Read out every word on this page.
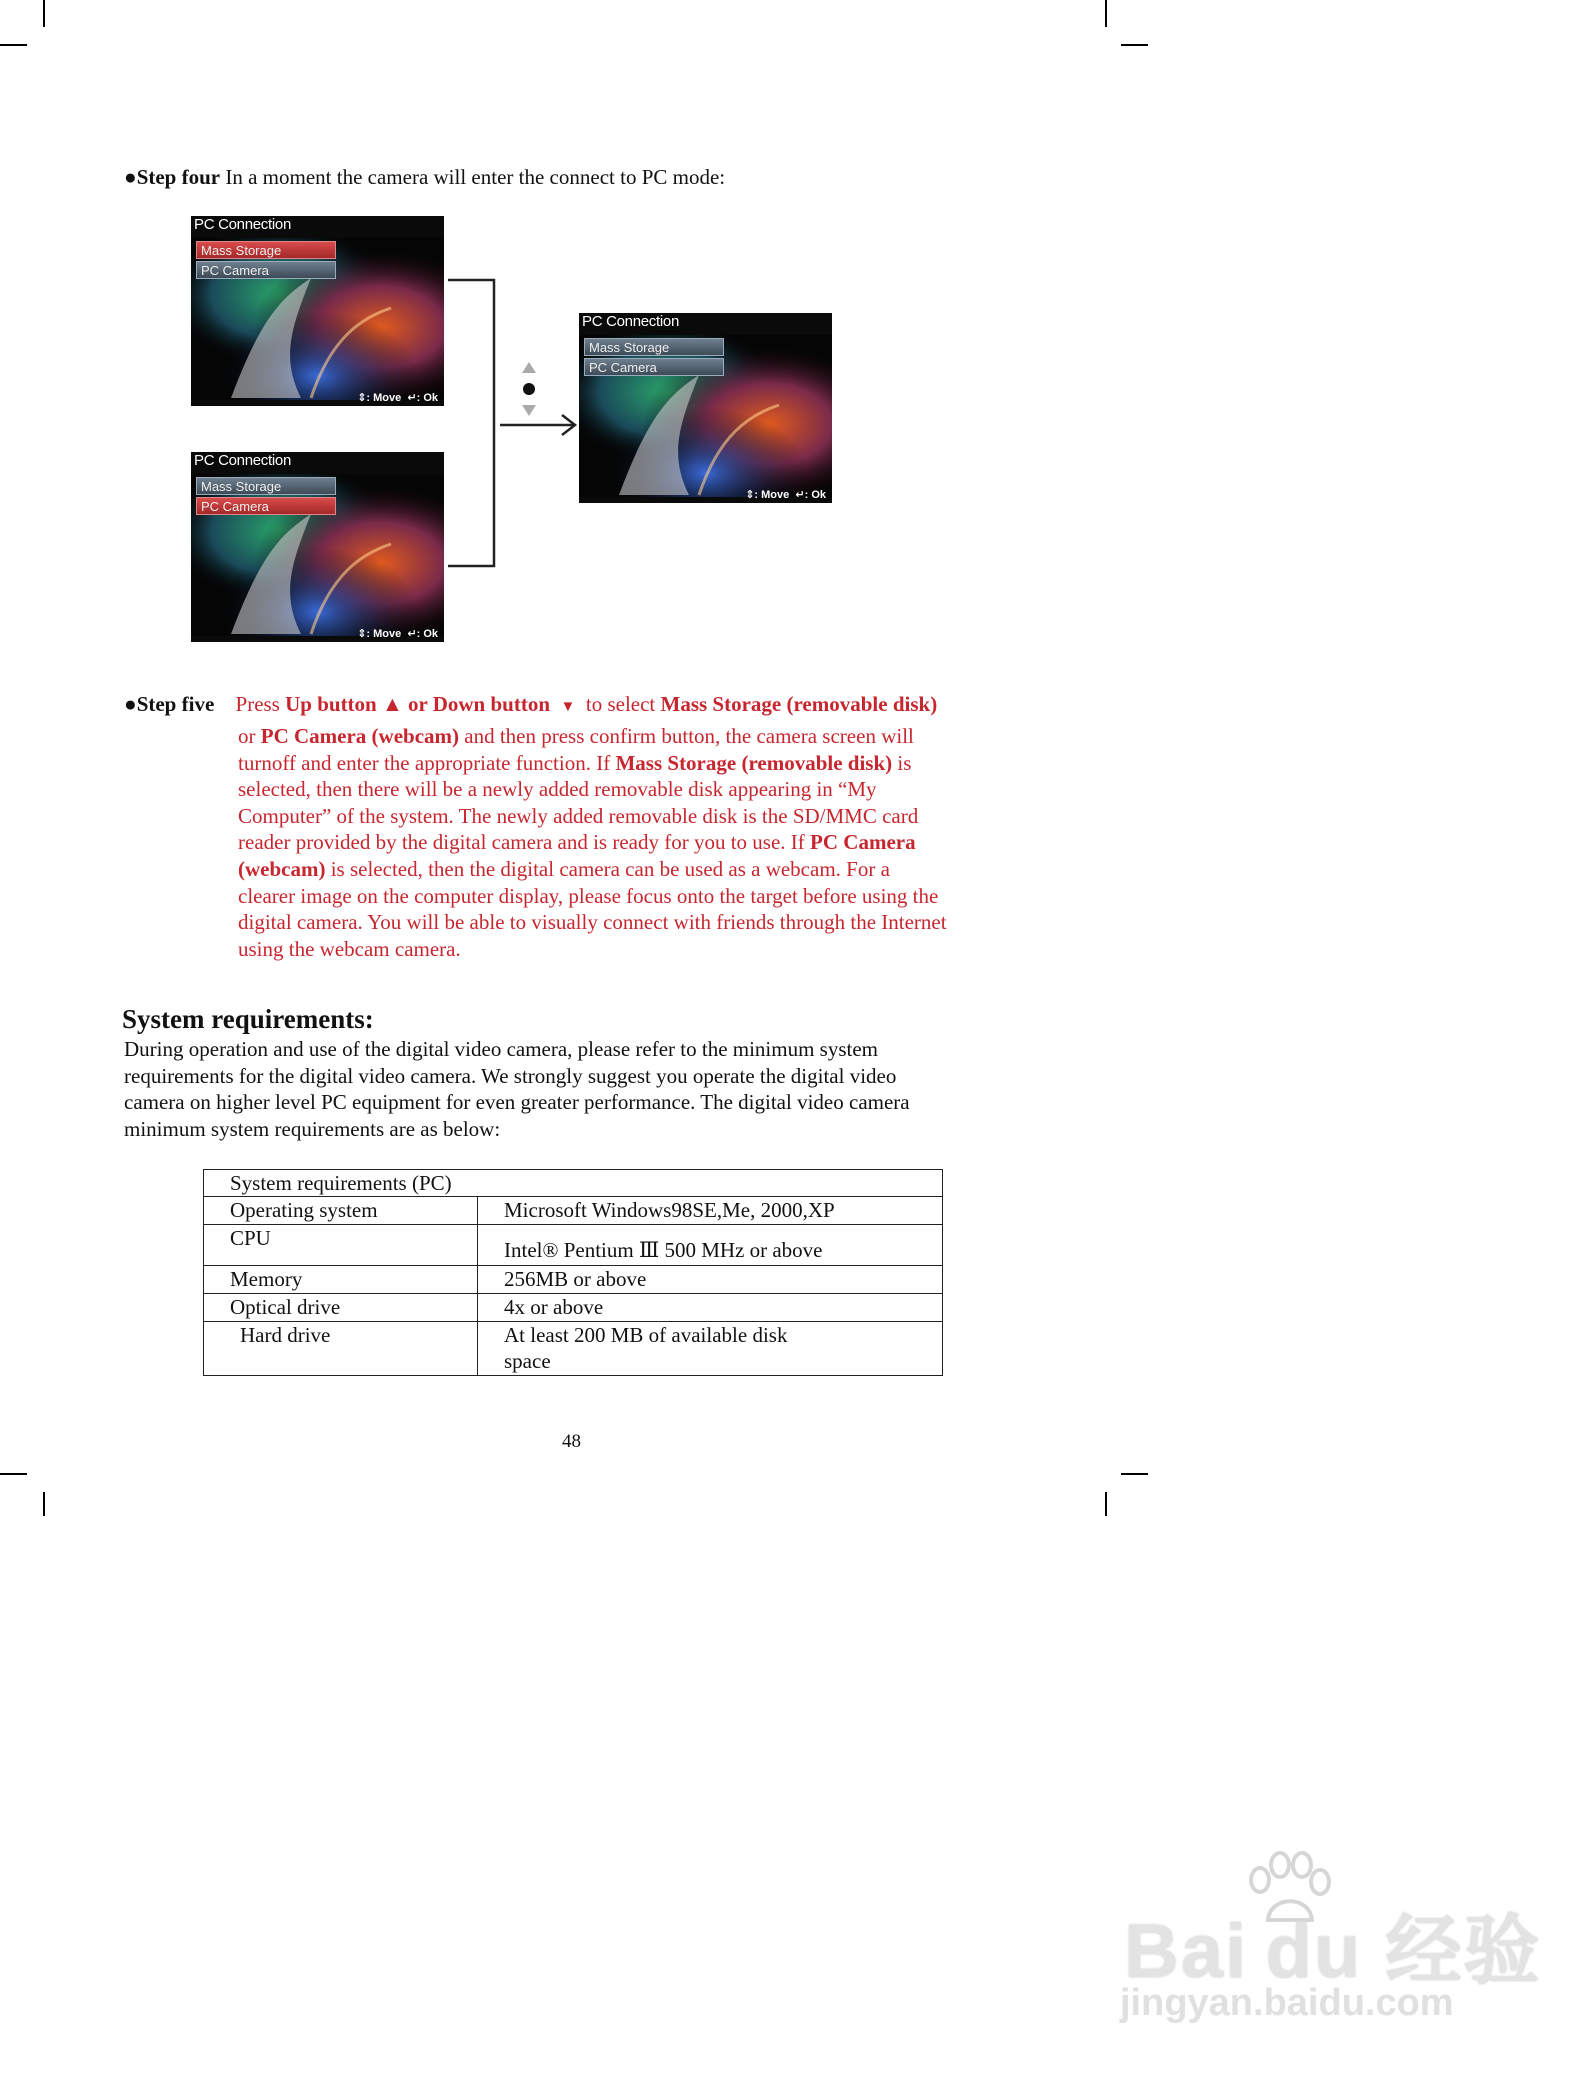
●Step four In a moment the camera will enter the connect to PC mode:
PC Connection
Mass Storage
PC Camera
⇕: Move ↵: Ok
PC Connection
Mass Storage
PC Camera
⇕: Move ↵: Ok
PC Connection
Mass Storage
PC Camera
⇕: Move ↵: Ok
●Step five Press Up button ▲ or Down button ▼  to select Mass Storage (removable disk)
or PC Camera (webcam) and then press confirm button, the camera screen will
turnoff and enter the appropriate function. If Mass Storage (removable disk) is
selected, then there will be a newly added removable disk appearing in “My
Computer” of the system. The newly added removable disk is the SD/MMC card
reader provided by the digital camera and is ready for you to use. If PC Camera
(webcam) is selected, then the digital camera can be used as a webcam. For a
clearer image on the computer display, please focus onto the target before using the
digital camera. You will be able to visually connect with friends through the Internet
using the webcam camera.
System requirements:
During operation and use of the digital video camera, please refer to the minimum system
requirements for the digital video camera. We strongly suggest you operate the digital video
camera on higher level PC equipment for even greater performance. The digital video camera
minimum system requirements are as below:
System requirements (PC)	
Operating system	Microsoft Windows98SE,Me, 2000,XP
CPU	Intel® Pentium Ⅲ 500 MHz or above
Memory	256MB or above
Optical drive	4x or above
Hard drive	At least 200 MB of available disk
space
48
Bai du 经验
jingyan.baidu.com
